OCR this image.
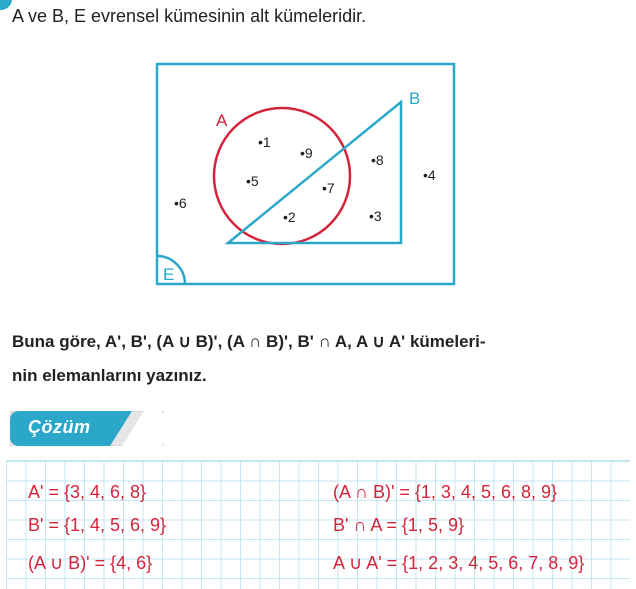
A ve B, E evrensel kümesinin alt kümeleridir.
E
A
B
•1
•9
•5
•8
•4
•7
•6
•2	•3
Buna göre, A', B', (A ∪ B)', (A ∩ B)', B' ∩ A, A ∪ A' kümeleri-
nin elemanlarını yazınız.
Çözüm
A' = {3, 4, 6, 8}
B' = {1, 4, 5, 6, 9}
(A ∪ B)' = {4, 6}
(A ∩ B)' = {1, 3, 4, 5, 6, 8, 9}
B' ∩ A = {1, 5, 9}
A ∪ A' = {1, 2, 3, 4, 5, 6, 7, 8, 9}
